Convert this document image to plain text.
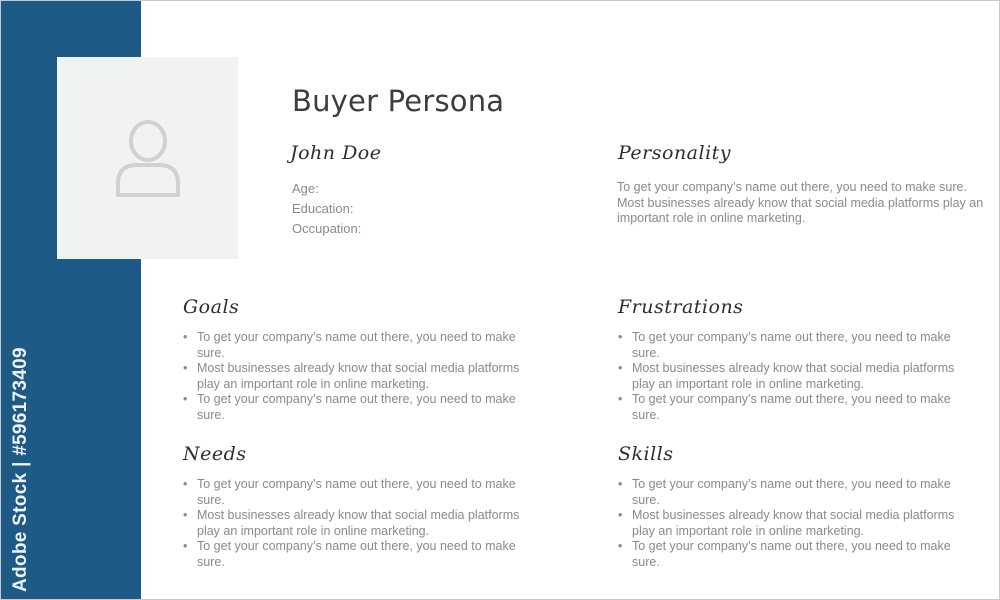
Adobe Stock | #596173409
Buyer Persona
John Doe
Age:
Education:
Occupation:
Personality

To get your company’s name out there, you need to make sure. Most businesses already know that social media platforms play an important role in online marketing.

Goals
• To get your company’s name out there, you need to make sure.
• Most businesses already know that social media platforms play an important role in online marketing.
• To get your company’s name out there, you need to make sure.
Frustrations
• To get your company’s name out there, you need to make sure.
• Most businesses already know that social media platforms play an important role in online marketing.
• To get your company’s name out there, you need to make sure.
Needs
• To get your company’s name out there, you need to make sure.
• Most businesses already know that social media platforms play an important role in online marketing.
• To get your company’s name out there, you need to make sure.
Skills
• To get your company’s name out there, you need to make sure.
• Most businesses already know that social media platforms play an important role in online marketing.
• To get your company’s name out there, you need to make sure.
